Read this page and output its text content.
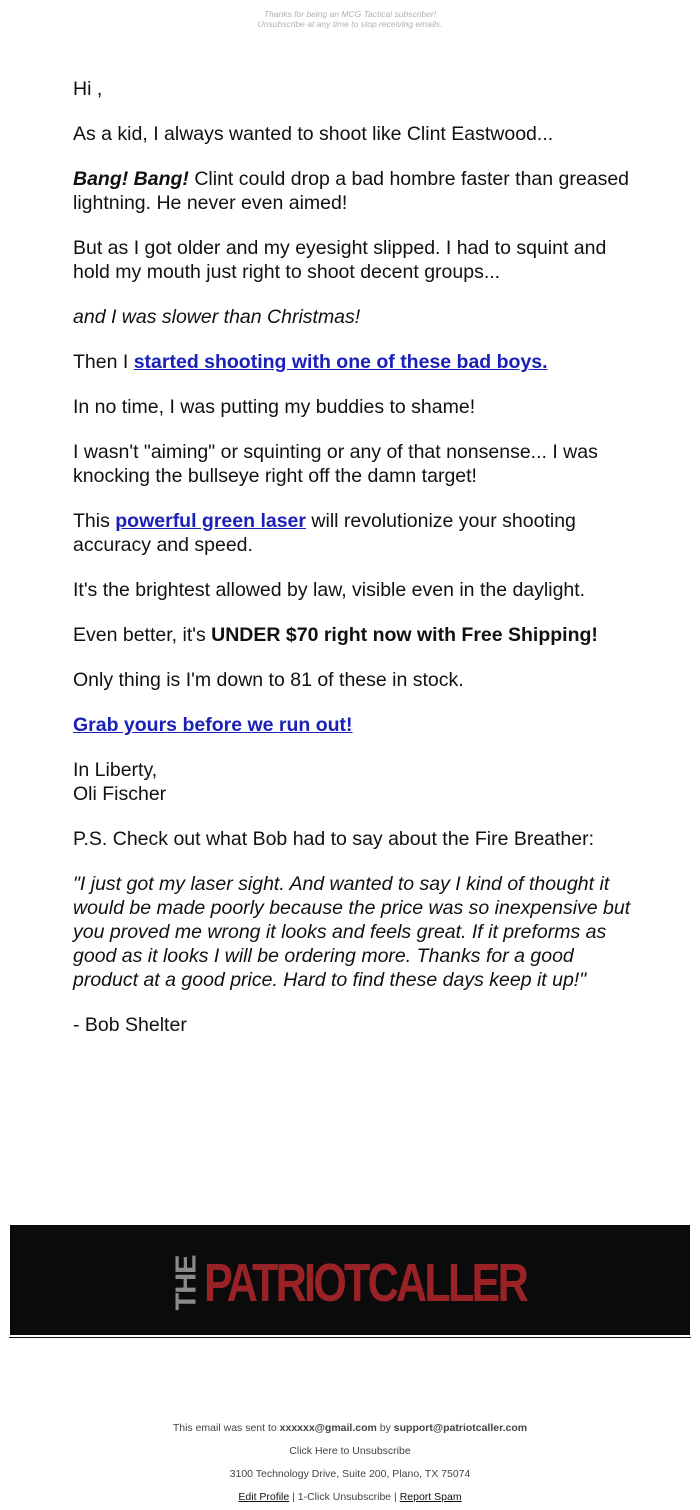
Thanks for being an MCG Tactical subscriber!
Unsubscribe at any time to stop receiving emails.

Hi ,

As a kid, I always wanted to shoot like Clint Eastwood...

Bang! Bang! Clint could drop a bad hombre faster than greased lightning. He never even aimed!

But as I got older and my eyesight slipped. I had to squint and hold my mouth just right to shoot decent groups...

and I was slower than Christmas!

Then I started shooting with one of these bad boys.

In no time, I was putting my buddies to shame!

I wasn't "aiming" or squinting or any of that nonsense... I was knocking the bullseye right off the damn target!

This powerful green laser will revolutionize your shooting accuracy and speed.

It's the brightest allowed by law, visible even in the daylight.

Even better, it's UNDER $70 right now with Free Shipping!

Only thing is I'm down to 81 of these in stock.

Grab yours before we run out!

In Liberty,
Oli Fischer

P.S. Check out what Bob had to say about the Fire Breather:

"I just got my laser sight. And wanted to say I kind of thought it would be made poorly because the price was so inexpensive but you proved me wrong it looks and feels great. If it preforms as good as it looks I will be ordering more. Thanks for a good product at a good price. Hard to find these days keep it up!"

- Bob Shelter

THE PATRIOTCALLER
This email was sent to xxxxxx@gmail.com by support@patriotcaller.com
Click Here to Unsubscribe
3100 Technology Drive, Suite 200, Plano, TX 75074
Edit Profile | 1-Click Unsubscribe | Report Spam
